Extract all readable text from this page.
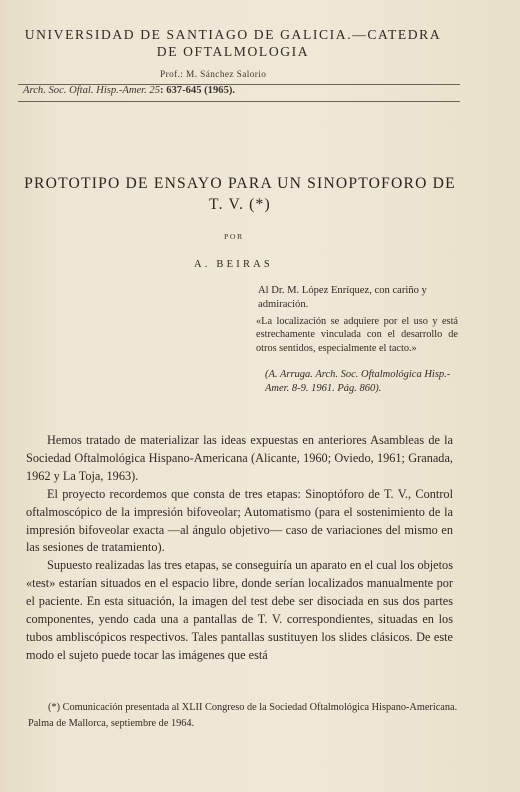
UNIVERSIDAD DE SANTIAGO DE GALICIA.—CATEDRA DE OFTALMOLOGIA
Prof.: M. Sánchez Salorio
Arch. Soc. Oftal. Hisp.-Amer. 25: 637-645 (1965).
PROTOTIPO DE ENSAYO PARA UN SINOPTOFORO DE T. V. (*)
POR
A. BEIRAS
Al Dr. M. López Enríquez, con cariño y admiración.
«La localización se adquiere por el uso y está estrechamente vinculada con el desarrollo de otros sentidos, especialmente el tacto.»
(A. Arruga. Arch. Soc. Oftalmológica Hisp.-Amer. 8-9. 1961. Pág. 860).

Hemos tratado de materializar las ideas expuestas en anteriores Asambleas de la Sociedad Oftalmológica Hispano-Americana (Alicante, 1960; Oviedo, 1961; Granada, 1962 y La Toja, 1963).

El proyecto recordemos que consta de tres etapas: Sinoptóforo de T. V., Control oftalmoscópico de la impresión bifoveolar; Automatismo (para el sostenimiento de la impresión bifoveolar exacta —al ángulo objetivo— caso de variaciones del mismo en las sesiones de tratamiento).

Supuesto realizadas las tres etapas, se conseguiría un aparato en el cual los objetos «test» estarían situados en el espacio libre, donde serían localizados manualmente por el paciente. En esta situación, la imagen del test debe ser disociada en sus dos partes componentes, yendo cada una a pantallas de T. V. correspondientes, situadas en los tubos ambliscópicos respectivos. Tales pantallas sustituyen los slides clásicos. De este modo el sujeto puede tocar las imágenes que está

(*) Comunicación presentada al XLII Congreso de la Sociedad Oftalmológica Hispano-Americana. Palma de Mallorca, septiembre de 1964.
